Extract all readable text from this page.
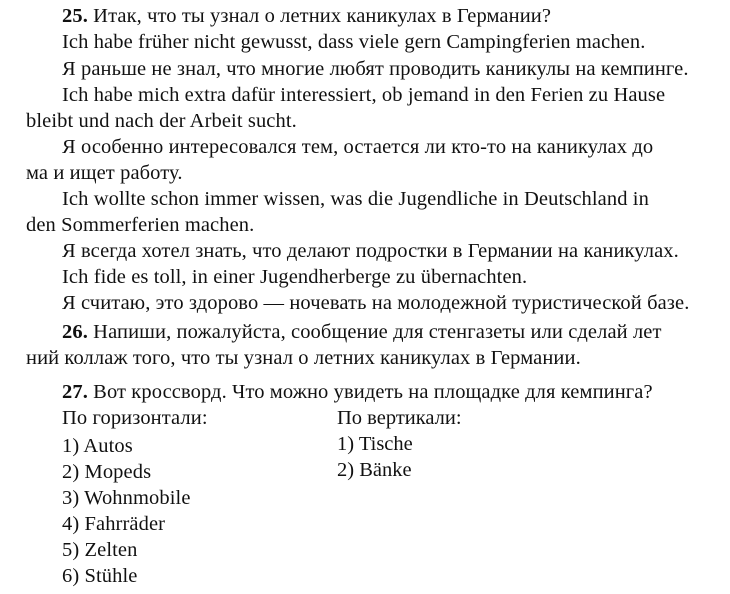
25. Итак, что ты узнал о летних каникулах в Германии?
Ich habe früher nicht gewusst, dass viele gern Campingferien machen.
Я раньше не знал, что многие любят проводить каникулы на кемпинге.
Ich habe mich extra dafür interessiert, ob jemand in den Ferien zu Hause
bleibt und nach der Arbeit sucht.
Я особенно интересовался тем, остается ли кто-то на каникулах до
ма и ищет работу.
Ich wollte schon immer wissen, was die Jugendliche in Deutschland in
den Sommerferien machen.
Я всегда хотел знать, что делают подростки в Германии на каникулах.
Ich fide es toll, in einer Jugendherberge zu übernachten.
Я считаю, это здорово — ночевать на молодежной туристической базе.
26. Напиши, пожалуйста, сообщение для стенгазеты или сделай лет
ний коллаж того, что ты узнал о летних каникулах в Германии.
27. Вот кроссворд. Что можно увидеть на площадке для кемпинга?
По горизонтали:	По вертикали:
1) Autos
2) Mopeds
3) Wohnmobile
4) Fahrräder
5) Zelten
6) Stühle
1) Tische
2) Bänke
